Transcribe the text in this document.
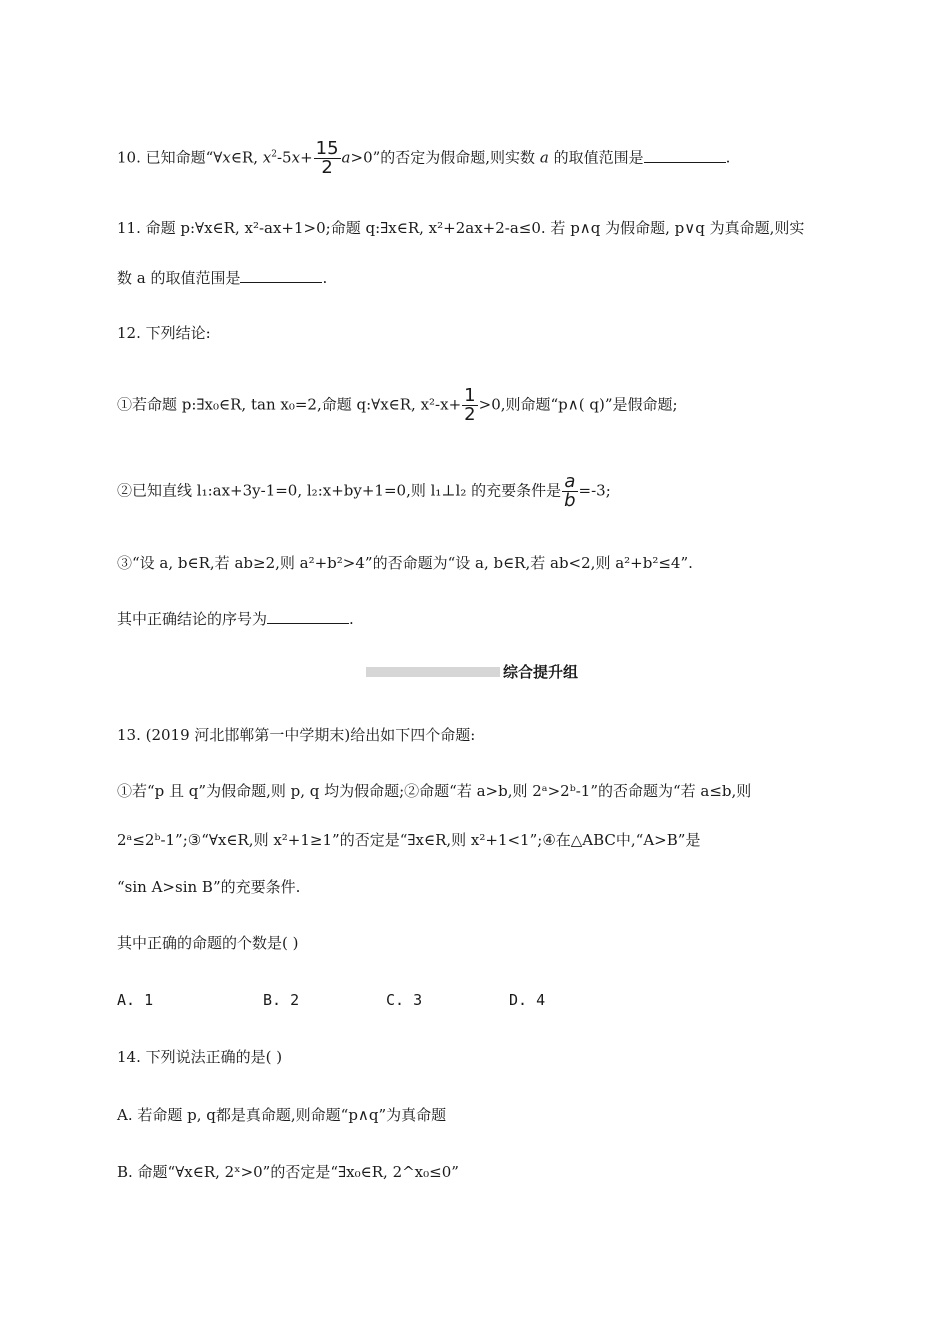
10. 已知命题“∀x∈R, $x^2-5x+ \frac{15}{2} a>0$”的否定为假命题,则实数 a 的取值范围是	.
11. 命题 p:∀x∈R, x²-ax+1>0;命题 q:∃x∈R, x²+2ax+2-a≤0. 若 p∧q 为假命题, p∨q 为真命题,则实
数 a 的取值范围是	.
12. 下列结论:
①若命题 p:∃x₀∈R, tan x₀=2,命题 q:∀x∈R, $x^2-x+ \frac{1}{2} >0$,则命题“p∧( q)”是假命题;
②已知直线 l₁:ax+3y-1=0, l₂:x+by+1=0,则 l₁⊥l₂ 的充要条件是 $\frac{a}{b} =-3$;
③“设 a, b∈R,若 ab≥2,则 a²+b²>4”的否命题为“设 a, b∈R,若 ab<2,则 a²+b²≤4”.
其中正确结论的序号为	.
综合提升组
13. (2019 河北邯郸第一中学期末)给出如下四个命题:
①若“p 且 q”为假命题,则 p, q 均为假命题;②命题“若 a>b,则 2ᵃ>2ᵇ-1”的否命题为“若 a≤b,则
2ᵃ≤2ᵇ-1”;③“∀x∈R,则 x²+1≥1”的否定是“∃x∈R,则 x²+1<1”;④在△ABC中,“A>B”是
“sin A>sin B”的充要条件.
其中正确的命题的个数是( )
A. 1	B. 2	C. 3	D. 4
14. 下列说法正确的是( )
A. 若命题 p, q都是真命题,则命题“p∧q”为真命题
B. 命题“∀x∈R, 2ˣ>0”的否定是“∃x₀∈R, 2^x₀≤0”
